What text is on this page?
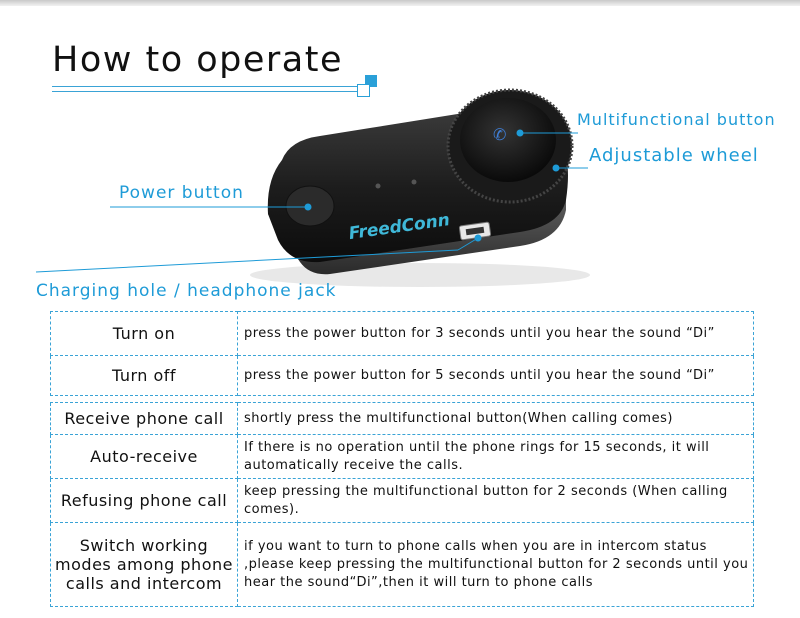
How to operate
FreedConn
✆
Multifunctional button
Adjustable wheel
Power button
Charging hole / headphone jack
Turn on	press the power button for 3 seconds until you hear the sound “Di”
Turn off	press the power button for 5 seconds until you hear the sound “Di”

Receive phone call	shortly press the multifunctional button(When calling comes)
Auto-receive	If there is no operation until the phone rings for 15 seconds, it will automatically receive the calls.
Refusing phone call	keep pressing the multifunctional button for 2 seconds (When calling comes).
Switch working modes among phone calls and intercom	if you want to turn to phone calls when you are in intercom status ,please keep pressing the multifunctional button for 2 seconds until you hear the sound“Di”,then it will turn to phone calls
